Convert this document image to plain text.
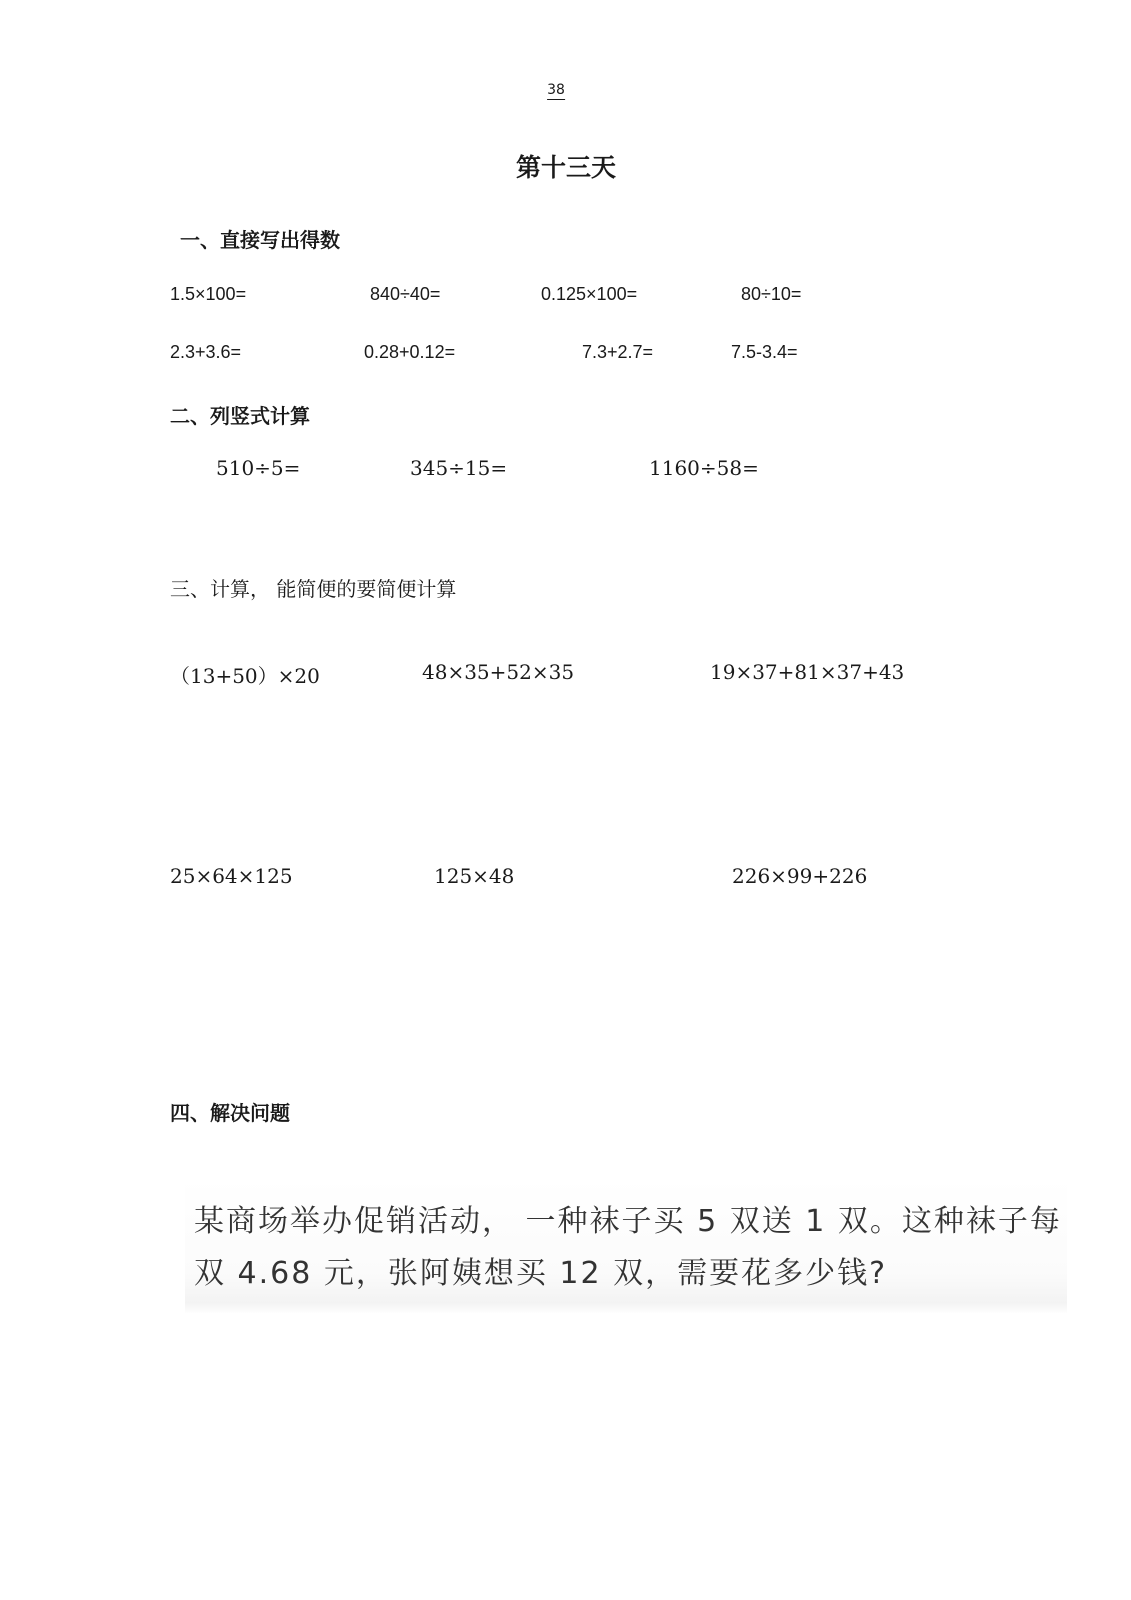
38
第十三天
一、直接写出得数
1.5×100=	840÷40=	0.125×100=	80÷10=
2.3+3.6=	0.28+0.12=	7.3+2.7=	7.5-3.4=
二、列竖式计算
510÷5=	345÷15=	1160÷58=
三、计算， 能简便的要简便计算
（13+50）×20	48×35+52×35	19×37+81×37+43
25×64×125	125×48	226×99+226
四、解决问题
某商场举办促销活动， 一种袜子买 5 双送 1 双。这种袜子每
双 4.68 元，张阿姨想买 12 双，需要花多少钱?
